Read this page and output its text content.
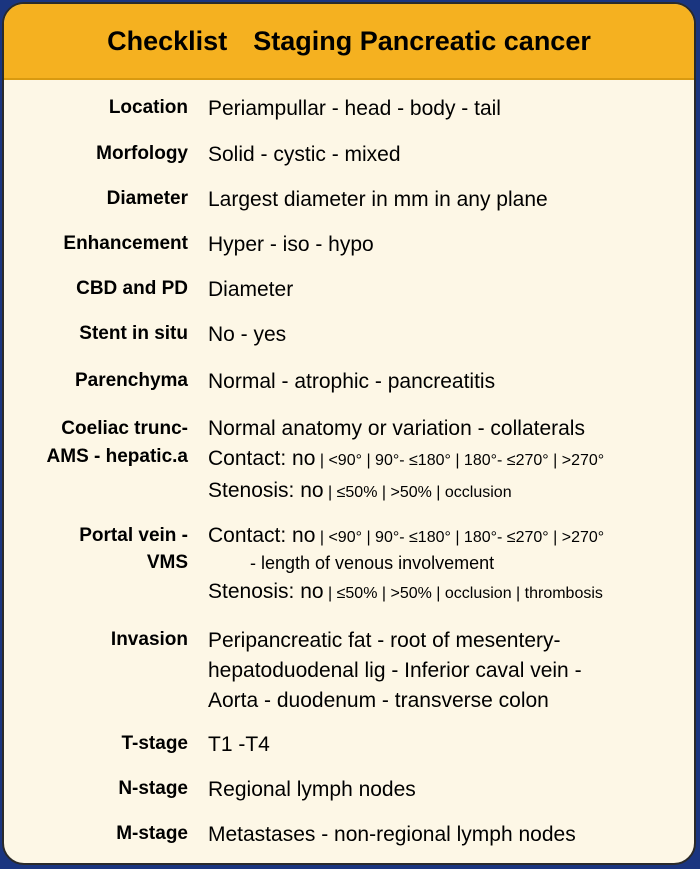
Checklist Staging Pancreatic cancer
Location Periampullar - head - body - tail
Morfology Solid - cystic - mixed
Diameter Largest diameter in mm in any plane
Enhancement Hyper - iso - hypo
CBD and PD Diameter
Stent in situ No - yes
Parenchyma Normal - atrophic - pancreatitis
Coeliac trunc-
AMS - hepatic.a
Normal anatomy or variation - collaterals
Contact: no | <90° | 90°- ≤180° | 180°- ≤270° | >270°
Stenosis: no | ≤50% | >50% | occlusion
Portal vein -
VMS
Contact: no | <90° | 90°- ≤180° | 180°- ≤270° | >270°
- length of venous involvement
Stenosis: no | ≤50% | >50% | occlusion | thrombosis
Invasion Peripancreatic fat - root of mesentery-
hepatoduodenal lig - Inferior caval vein -
Aorta - duodenum - transverse colon
T-stage T1 -T4
N-stage Regional lymph nodes
M-stage Metastases - non-regional lymph nodes
